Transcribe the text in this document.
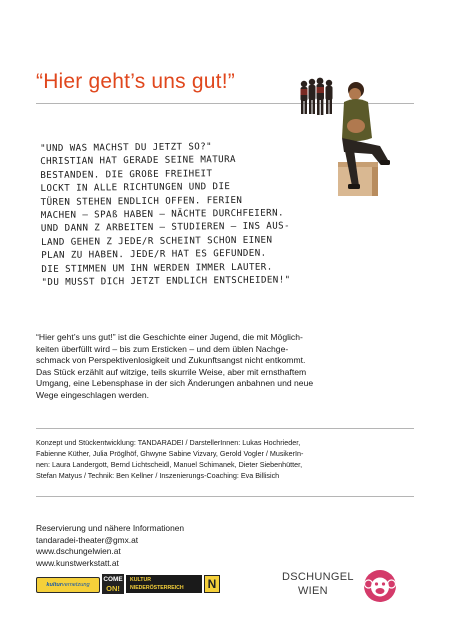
“Hier geht’s uns gut!”
"UND WAS MACHST DU JETZT SO?"
CHRISTIAN HAT GERADE SEINE MATURA
BESTANDEN. DIE GROßE FREIHEIT
LOCKT IN ALLE RICHTUNGEN UND DIE
TÜREN STEHEN ENDLICH OFFEN. FERIEN
MACHEN – SPAß HABEN – NÄCHTE DURCHFEIERN.
UND DANN Z ARBEITEN – STUDIEREN – INS AUS-
LAND GEHEN Z JEDE/R SCHEINT SCHON EINEN
PLAN ZU HABEN. JEDE/R HAT ES GEFUNDEN.
DIE STIMMEN UM IHN WERDEN IMMER LAUTER.
"DU MUSST DICH JETZT ENDLICH ENTSCHEIDEN!"
“Hier geht’s uns gut!” ist die Geschichte einer Jugend, die mit Möglich-
keiten überfüllt wird – bis zum Ersticken – und dem üblen Nachge-
schmack von Perspektivenlosigkeit und Zukunftsangst nicht entkommt.
Das Stück erzählt auf witzige, teils skurrile Weise, aber mit ernsthaftem
Umgang, eine Lebensphase in der sich Änderungen anbahnen und neue
Wege eingeschlagen werden.
Konzept und Stückentwicklung: TANDARADEI / DarstellerInnen: Lukas Hochrieder,
Fabienne Küther, Julia Pröglhöf, Ghwyne Sabine Vizvary, Gerold Vogler / MusikerIn-
nen: Laura Landergott, Bernd Lichtscheidl, Manuel Schimanek, Dieter Siebenhütter,
Stefan Matyus / Technik: Ben Kellner / Inszenierungs-Coaching: Eva Billisich
Reservierung und nähere Informationen
tandaradei-theater@gmx.at
www.dschungelwien.at
www.kunstwerkstatt.at
kulturvernetzung
COME
ON!
KULTUR
NIEDERÖSTERREICH	N	DSCHUNGEL
WIEN
